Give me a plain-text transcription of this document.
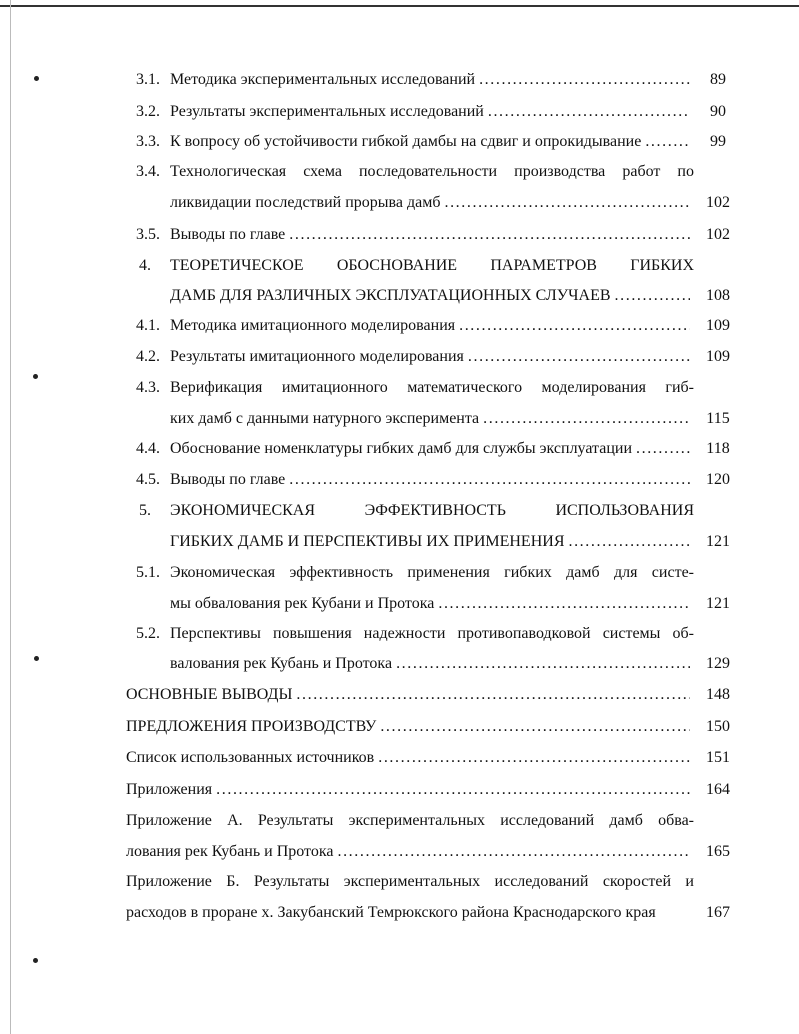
3.1. Методика экспериментальных исследований . . .	89
3.2. Результаты экспериментальных исследований . . .	90
3.3. К вопросу об устойчивости гибкой дамбы на сдвиг и опрокидывание . . .	99
3.4. Технологическая схема последовательности производства работ по
ликвидации последствий прорыва дамб . . .	102
3.5. Выводы по главе . . .	102
4. ТЕОРЕТИЧЕСКОЕ ОБОСНОВАНИЕ ПАРАМЕТРОВ ГИБКИХ
ДАМБ ДЛЯ РАЗЛИЧНЫХ ЭКСПЛУАТАЦИОННЫХ СЛУЧАЕВ . . .	108
4.1. Методика имитационного моделирования . . .	109
4.2. Результаты имитационного моделирования . . .	109
4.3. Верификация имитационного математического моделирования гиб-
ких дамб с данными натурного эксперимента . . .	115
4.4. Обоснование номенклатуры гибких дамб для службы эксплуатации . . .	118
4.5. Выводы по главе . . .	120
5. ЭКОНОМИЧЕСКАЯ ЭФФЕКТИВНОСТЬ ИСПОЛЬЗОВАНИЯ
ГИБКИХ ДАМБ И ПЕРСПЕКТИВЫ ИХ ПРИМЕНЕНИЯ . . .	121
5.1. Экономическая эффективность применения гибких дамб для систе-
мы обвалования рек Кубани и Протока . . .	121
5.2. Перспективы повышения надежности противопаводковой системы об-
валования рек Кубань и Протока . . .	129
ОСНОВНЫЕ ВЫВОДЫ . . .	148
ПРЕДЛОЖЕНИЯ ПРОИЗВОДСТВУ . . .	150
Список использованных источников . . .	151
Приложения . . .	164
Приложение А. Результаты экспериментальных исследований дамб обва-
лования рек Кубань и Протока . . .	165
Приложение Б. Результаты экспериментальных исследований скоростей и
расходов в проране х. Закубанский Темрюкского района Краснодарского края	167
